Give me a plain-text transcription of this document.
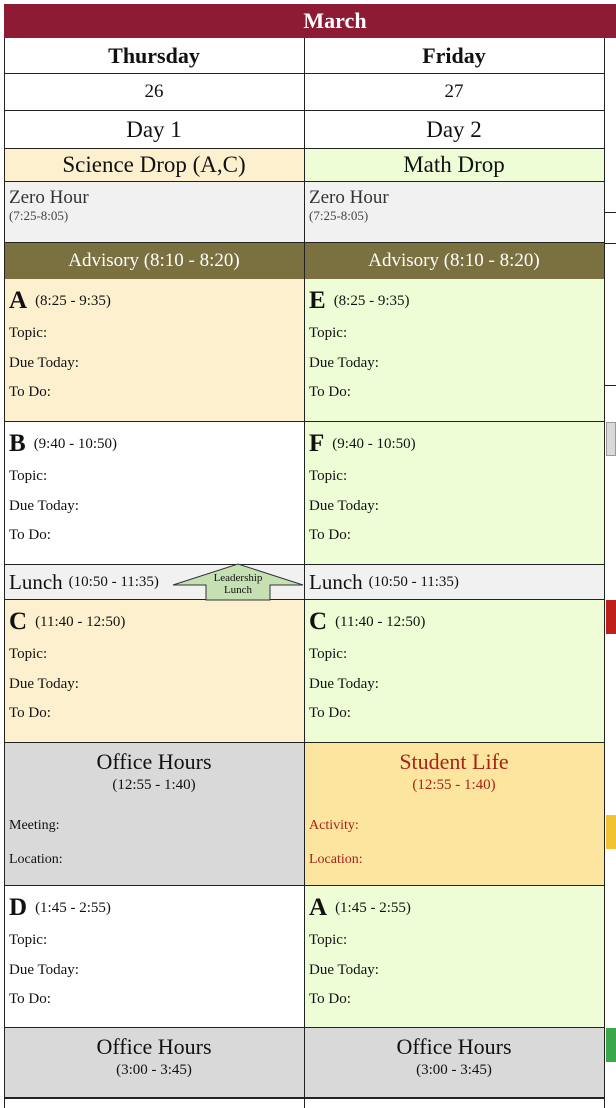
March
Thursday
26
Day 1
Science Drop (A,C)
Zero Hour
(7:25-8:05)
Advisory (8:10 - 8:20)
A (8:25 - 9:35)
Topic:
Due Today:
To Do:
B (9:40 - 10:50)
Topic:
Due Today:
To Do:
Lunch (10:50 - 11:35)
C (11:40 - 12:50)
Topic:
Due Today:
To Do:
Office Hours
(12:55 - 1:40)
Meeting:
Location:
D (1:45 - 2:55)
Topic:
Due Today:
To Do:
Office Hours
(3:00 - 3:45)
Friday
27
Day 2
Math Drop
Zero Hour
(7:25-8:05)
Advisory (8:10 - 8:20)
E (8:25 - 9:35)
Topic:
Due Today:
To Do:
F (9:40 - 10:50)
Topic:
Due Today:
To Do:
Lunch (10:50 - 11:35)
C (11:40 - 12:50)
Topic:
Due Today:
To Do:
Student Life
(12:55 - 1:40)
Activity:
Location:
A (1:45 - 2:55)
Topic:
Due Today:
To Do:
Office Hours
(3:00 - 3:45)
Leadership Lunch
